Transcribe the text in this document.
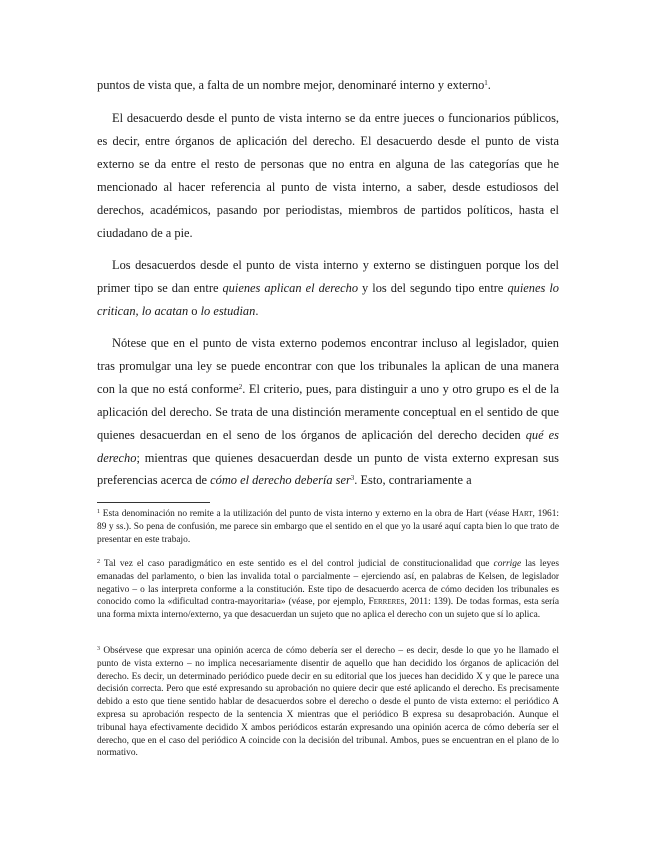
puntos de vista que, a falta de un nombre mejor, denominaré interno y externo$^1$.

El desacuerdo desde el punto de vista interno se da entre jueces o funcionarios públicos, es decir, entre órganos de aplicación del derecho. El desacuerdo desde el punto de vista externo se da entre el resto de personas que no entra en alguna de las categorías que he mencionado al hacer referencia al punto de vista interno, a saber, desde estudiosos del derechos, académicos, pasando por periodistas, miembros de partidos políticos, hasta el ciudadano de a pie.

Los desacuerdos desde el punto de vista interno y externo se distinguen porque los del primer tipo se dan entre quienes aplican el derecho y los del segundo tipo entre quienes lo critican, lo acatan o lo estudian.

Nótese que en el punto de vista externo podemos encontrar incluso al legislador, quien tras promulgar una ley se puede encontrar con que los tribunales la aplican de una manera con la que no está conforme$^2$. El criterio, pues, para distinguir a uno y otro grupo es el de la aplicación del derecho. Se trata de una distinción meramente conceptual en el sentido de que quienes desacuerdan en el seno de los órganos de aplicación del derecho deciden qué es derecho; mientras que quienes desacuerdan desde un punto de vista externo expresan sus preferencias acerca de cómo el derecho debería ser$^3$. Esto, contrariamente a

$^1$ Esta denominación no remite a la utilización del punto de vista interno y externo en la obra de Hart (véase Hart, 1961: 89 y ss.). So pena de confusión, me parece sin embargo que el sentido en el que yo la usaré aquí capta bien lo que trato de presentar en este trabajo.

$^2$ Tal vez el caso paradigmático en este sentido es el del control judicial de constitucionalidad que corrige las leyes emanadas del parlamento, o bien las invalida total o parcialmente – ejerciendo así, en palabras de Kelsen, de legislador negativo – o las interpreta conforme a la constitución. Este tipo de desacuerdo acerca de cómo deciden los tribunales es conocido como la «dificultad contra-mayoritaria» (véase, por ejemplo, Ferreres, 2011: 139). De todas formas, esta sería una forma mixta interno/externo, ya que desacuerdan un sujeto que no aplica el derecho con un sujeto que sí lo aplica.

$^3$ Obsérvese que expresar una opinión acerca de cómo debería ser el derecho – es decir, desde lo que yo he llamado el punto de vista externo – no implica necesariamente disentir de aquello que han decidido los órganos de aplicación del derecho. Es decir, un determinado periódico puede decir en su editorial que los jueces han decidido X y que le parece una decisión correcta. Pero que esté expresando su aprobación no quiere decir que esté aplicando el derecho. Es precisamente debido a esto que tiene sentido hablar de desacuerdos sobre el derecho o desde el punto de vista externo: el periódico A expresa su aprobación respecto de la sentencia X mientras que el periódico B expresa su desaprobación. Aunque el tribunal haya efectivamente decidido X ambos periódicos estarán expresando una opinión acerca de cómo debería ser el derecho, que en el caso del periódico A coincide con la decisión del tribunal. Ambos, pues se encuentran en el plano de lo normativo.
